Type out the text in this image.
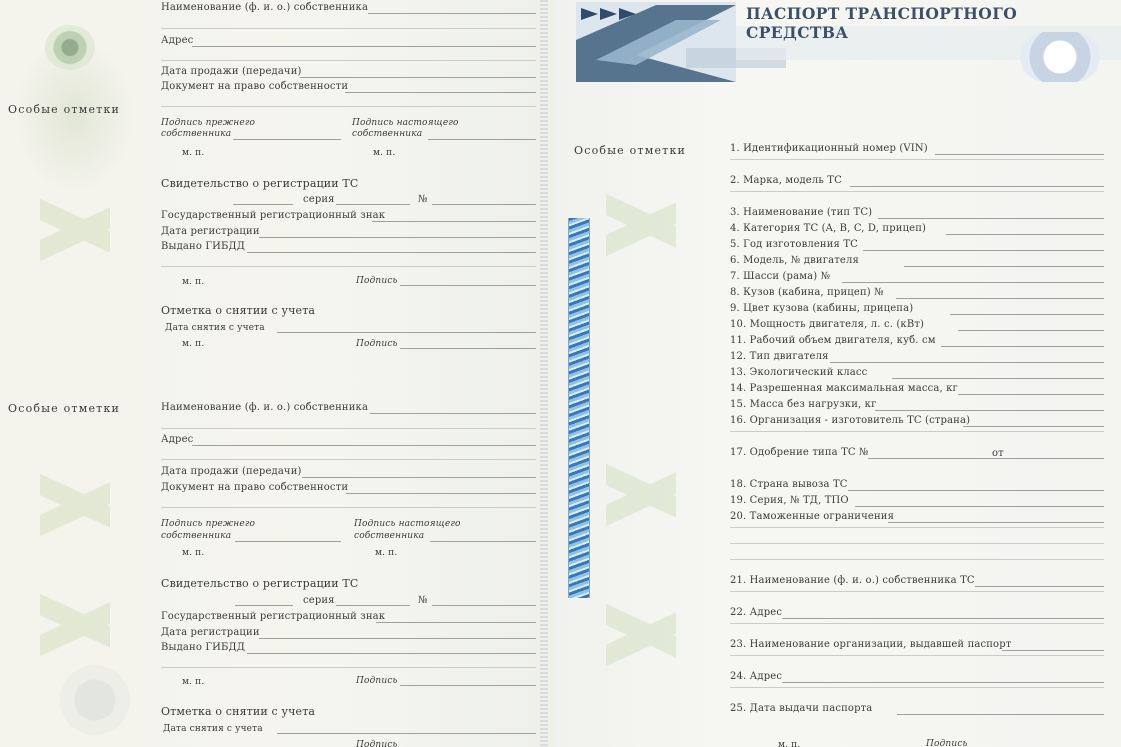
Наименование (ф. и. о.) собственника
Адрес
Дата продажи (передачи)
Документ на право собственности
Особые отметки
Подпись прежнего
собственника
Подпись настоящего
собственника
м. п.	м. п.
Свидетельство о регистрации ТС
серия	№
Государственный регистрационный знак
Дата регистрации
Выдано ГИБДД
м. п.	Подпись
Отметка о снятии с учета
Дата снятия с учета
м. п.	Подпись
Особые отметки	Наименование (ф. и. о.) собственника
Адрес
Дата продажи (передачи)
Документ на право собственности
Подпись прежнего
собственника
Подпись настоящего
собственника
м. п.	м. п.
Свидетельство о регистрации ТС
серия	№
Государственный регистрационный знак
Дата регистрации
Выдано ГИБДД
м. п.	Подпись
Отметка о снятии с учета
Дата снятия с учета
Подпись
ПАСПОРТ ТРАНСПОРТНОГО СРЕДСТВА
Особые отметки	1. Идентификационный номер (VIN)
2. Марка, модель ТС
3. Наименование (тип ТС)
4. Категория ТС (A, B, C, D, прицеп)
5. Год изготовления ТС
6. Модель, № двигателя
7. Шасси (рама) №
8. Кузов (кабина, прицеп) №
9. Цвет кузова (кабины, прицепа)
10. Мощность двигателя, л. с. (кВт)
11. Рабочий объем двигателя, куб. см
12. Тип двигателя
13. Экологический класс
14. Разрешенная максимальная масса, кг
15. Масса без нагрузки, кг
16. Организация - изготовитель ТС (страна)
17. Одобрение типа ТС №
18. Страна вывоза ТС
19. Серия, № ТД, ТПО
20. Таможенные ограничения
21. Наименование (ф. и. о.) собственника ТС
22. Адрес
23. Наименование организации, выдавшей паспорт
24. Адрес
25. Дата выдачи паспорта
от
м. п.	Подпись
